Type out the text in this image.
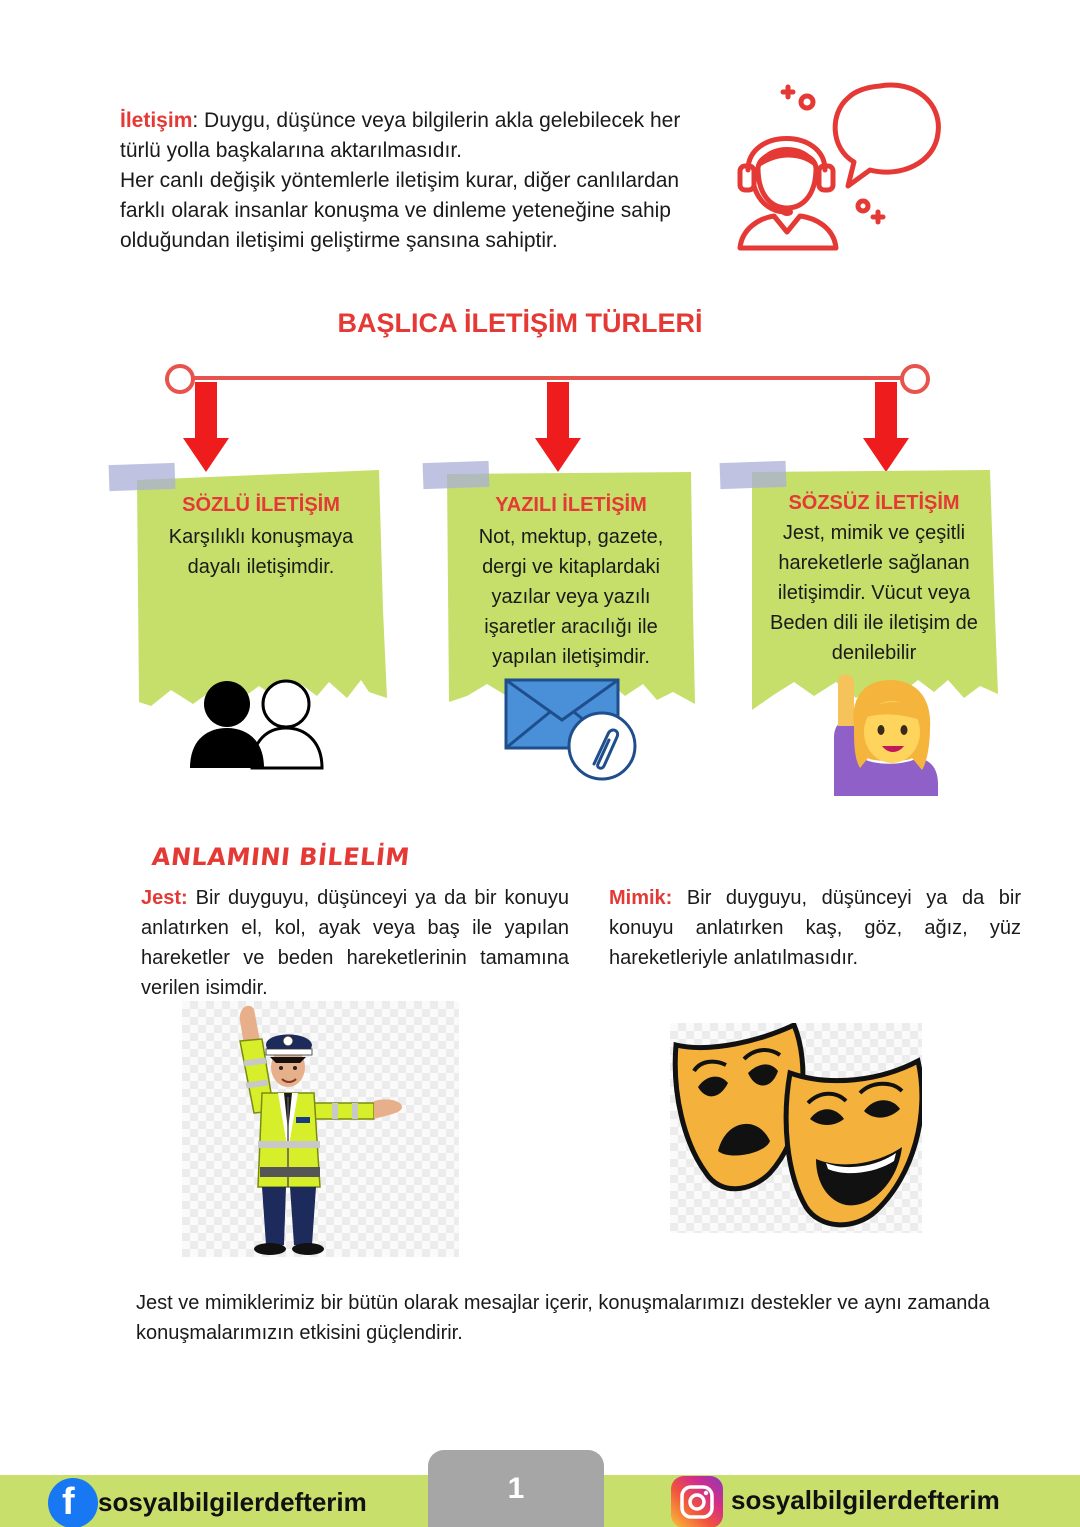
İletişim: Duygu, düşünce veya bilgilerin akla gelebilecek her türlü yolla başkalarına aktarılmasıdır.

Her canlı değişik yöntemlerle iletişim kurar, diğer canlılardan farklı olarak insanlar konuşma ve dinleme yeteneğine sahip olduğundan iletişimi geliştirme şansına sahiptir.

BAŞLICA İLETİŞİM TÜRLERİ
SÖZLÜ İLETİŞİM
Karşılıklı konuşmaya dayalı iletişimdir.
YAZILI İLETİŞİM
Not, mektup, gazete, dergi ve kitaplardaki yazılar veya yazılı işaretler aracılığı ile yapılan iletişimdir.
SÖZSÜZ İLETİŞİM
Jest, mimik ve çeşitli hareketlerle sağlanan iletişimdir. Vücut veya Beden dili ile iletişim de denilebilir
ANLAMINI BİLELİM
Jest: Bir duyguyu, düşünceyi ya da bir konuyu anlatırken el, kol, ayak veya baş ile yapılan hareketler ve beden hareketlerinin tamamına verilen isimdir.
Mimik: Bir duyguyu, düşünceyi ya da bir konuyu anlatırken kaş, göz, ağız, yüz hareketleriyle anlatılmasıdır.

Jest ve mimiklerimiz bir bütün olarak mesajlar içerir, konuşmalarımızı destekler ve aynı zamanda konuşmalarımızın etkisini güçlendirir.

1
f sosyalbilgilerdefterim	sosyalbilgilerdefterim
